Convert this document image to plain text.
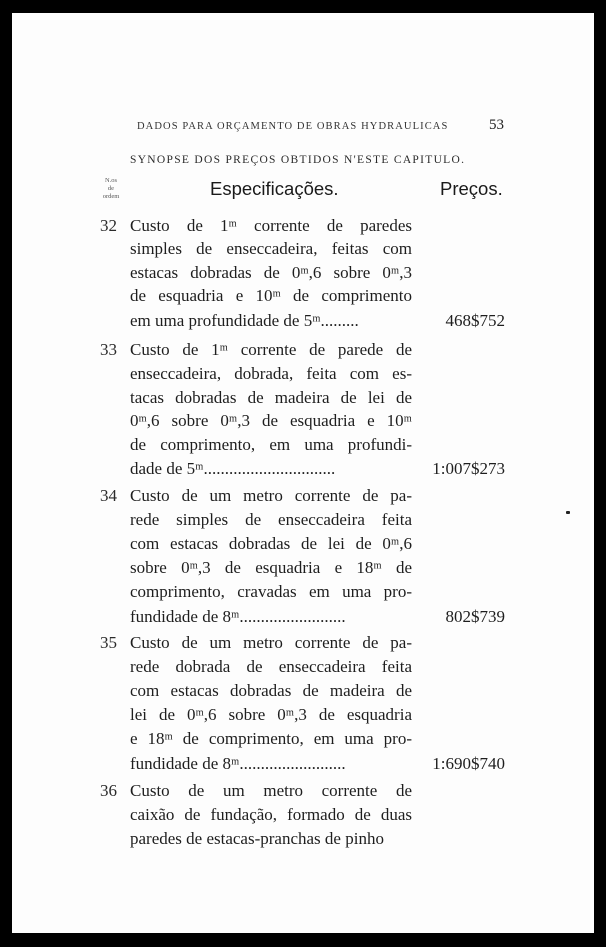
DADOS PARA ORÇAMENTO DE OBRAS HYDRAULICAS	53
SYNOPSE DOS PREÇOS OBTIDOS N'ESTE CAPITULO.
N.os
de
ordem	Especificações.	Preços.
32 Custo de 1ᵐ corrente de paredes
simples de enseccadeira, feitas com
estacas dobradas de 0ᵐ,6 sobre 0ᵐ,3
de esquadria e 10ᵐ de comprimento
em uma profundidade de 5ᵐ.........	468$752
33 Custo de 1ᵐ corrente de parede de
enseccadeira, dobrada, feita com es-
tacas dobradas de madeira de lei de
0ᵐ,6 sobre 0ᵐ,3 de esquadria e 10ᵐ
de comprimento, em uma profundi-
dade de 5ᵐ...............................	1:007$273
34 Custo de um metro corrente de pa-
rede simples de enseccadeira feita
com estacas dobradas de lei de 0ᵐ,6
sobre 0ᵐ,3 de esquadria e 18ᵐ de
comprimento, cravadas em uma pro-
fundidade de 8ᵐ.........................	802$739
35 Custo de um metro corrente de pa-
rede dobrada de enseccadeira feita
com estacas dobradas de madeira de
lei de 0ᵐ,6 sobre 0ᵐ,3 de esquadria
e 18ᵐ de comprimento, em uma pro-
fundidade de 8ᵐ.........................	1:690$740
36 Custo de um metro corrente de
caixão de fundação, formado de duas
paredes de estacas-pranchas de pinho
